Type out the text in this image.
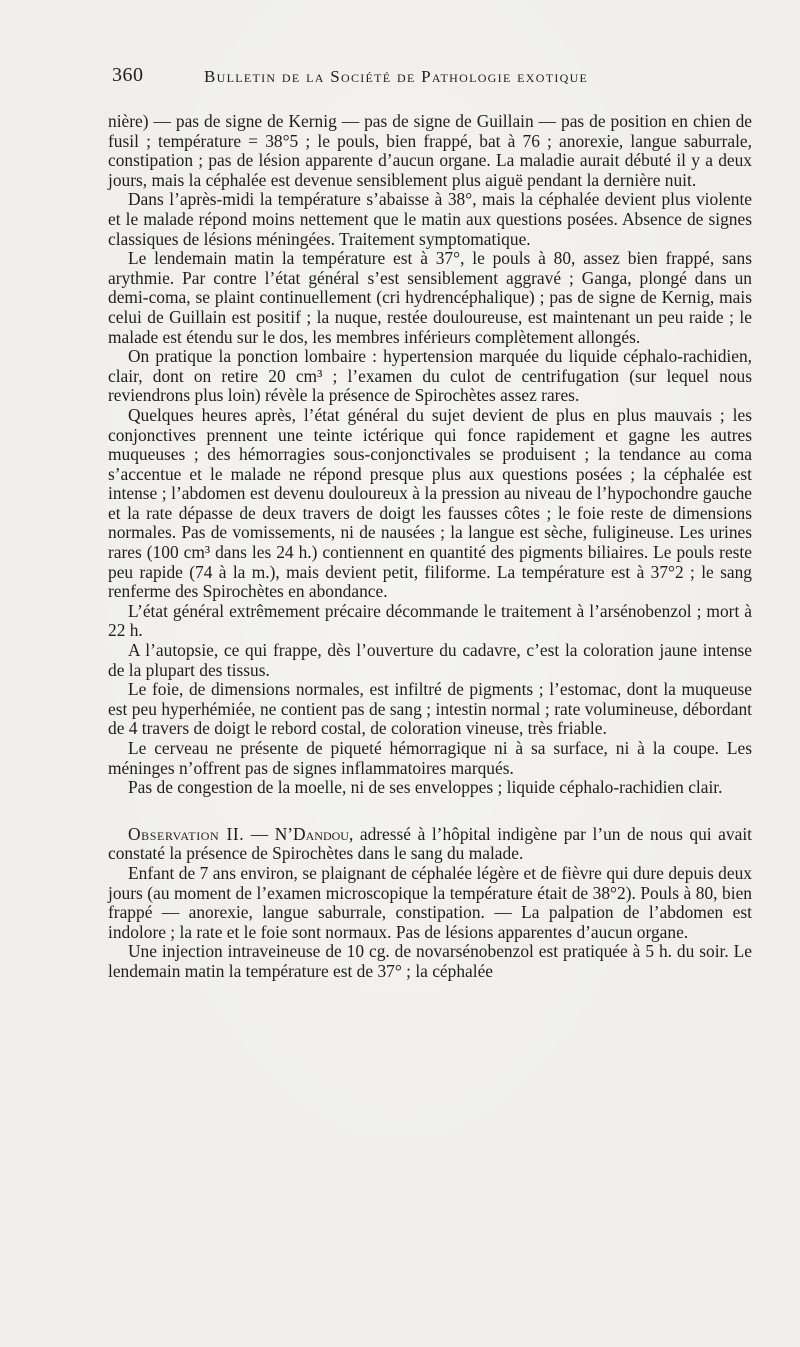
360	Bulletin de la Société de Pathologie exotique

nière) — pas de signe de Kernig — pas de signe de Guillain — pas de position en chien de fusil ; température = 38°5 ; le pouls, bien frappé, bat à 76 ; anorexie, langue saburrale, constipation ; pas de lésion apparente d’aucun organe. La maladie aurait débuté il y a deux jours, mais la céphalée est devenue sensiblement plus aiguë pendant la dernière nuit.

Dans l’après-midi la température s’abaisse à 38°, mais la céphalée devient plus violente et le malade répond moins nettement que le matin aux questions posées. Absence de signes classiques de lésions méningées. Traitement symptomatique.

Le lendemain matin la température est à 37°, le pouls à 80, assez bien frappé, sans arythmie. Par contre l’état général s’est sensiblement aggravé ; Ganga, plongé dans un demi-coma, se plaint continuellement (cri hydrencéphalique) ; pas de signe de Kernig, mais celui de Guillain est positif ; la nuque, restée douloureuse, est maintenant un peu raide ; le malade est étendu sur le dos, les membres inférieurs complètement allongés.

On pratique la ponction lombaire : hypertension marquée du liquide céphalo-rachidien, clair, dont on retire 20 cm³ ; l’examen du culot de centrifugation (sur lequel nous reviendrons plus loin) révèle la présence de Spirochètes assez rares.

Quelques heures après, l’état général du sujet devient de plus en plus mauvais ; les conjonctives prennent une teinte ictérique qui fonce rapidement et gagne les autres muqueuses ; des hémorragies sous-conjonctivales se produisent ; la tendance au coma s’accentue et le malade ne répond presque plus aux questions posées ; la céphalée est intense ; l’abdomen est devenu douloureux à la pression au niveau de l’hypochondre gauche et la rate dépasse de deux travers de doigt les fausses côtes ; le foie reste de dimensions normales. Pas de vomissements, ni de nausées ; la langue est sèche, fuligineuse. Les urines rares (100 cm³ dans les 24 h.) contiennent en quantité des pigments biliaires. Le pouls reste peu rapide (74 à la m.), mais devient petit, filiforme. La température est à 37°2 ; le sang renferme des Spirochètes en abondance.

L’état général extrêmement précaire décommande le traitement à l’arsénobenzol ; mort à 22 h.

A l’autopsie, ce qui frappe, dès l’ouverture du cadavre, c’est la coloration jaune intense de la plupart des tissus.

Le foie, de dimensions normales, est infiltré de pigments ; l’estomac, dont la muqueuse est peu hyperhémiée, ne contient pas de sang ; intestin normal ; rate volumineuse, débordant de 4 travers de doigt le rebord costal, de coloration vineuse, très friable.

Le cerveau ne présente de piqueté hémorragique ni à sa surface, ni à la coupe. Les méninges n’offrent pas de signes inflammatoires marqués.

Pas de congestion de la moelle, ni de ses enveloppes ; liquide céphalo-rachidien clair.

Observation II. — N’Dandou, adressé à l’hôpital indigène par l’un de nous qui avait constaté la présence de Spirochètes dans le sang du malade.

Enfant de 7 ans environ, se plaignant de céphalée légère et de fièvre qui dure depuis deux jours (au moment de l’examen microscopique la température était de 38°2). Pouls à 80, bien frappé — anorexie, langue saburrale, constipation. — La palpation de l’abdomen est indolore ; la rate et le foie sont normaux. Pas de lésions apparentes d’aucun organe.

Une injection intraveineuse de 10 cg. de novarsénobenzol est pratiquée à 5 h. du soir. Le lendemain matin la température est de 37° ; la céphalée
